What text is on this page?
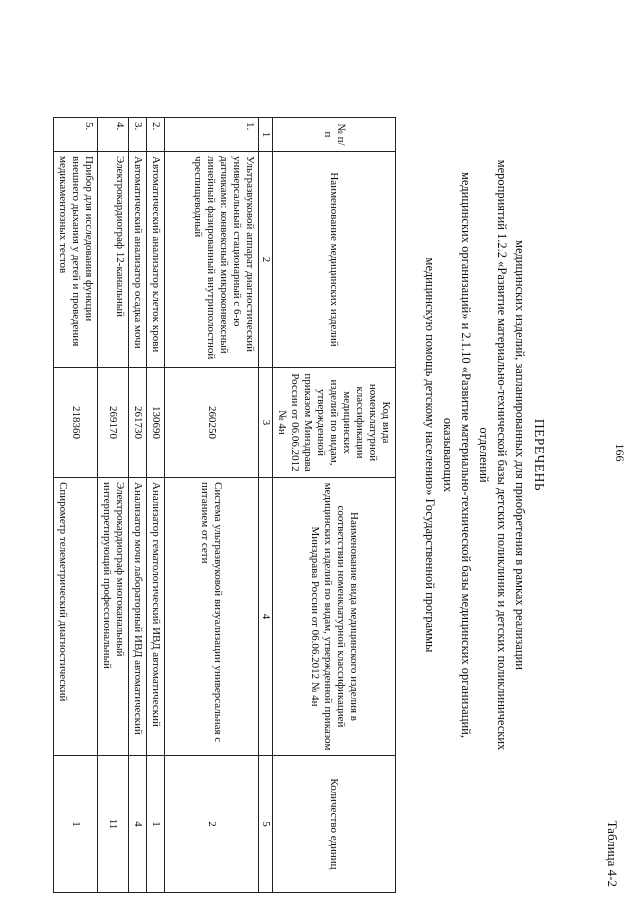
166
Таблица 4-2
ПЕРЕЧЕНЬ
медицинских изделий, запланированных для приобретения в рамках реализации
мероприятий 1.2.2 «Развитие материально-технической базы детских поликлиник и детских поликлинических отделений
медицинских организаций» и 2.1.10 «Развитие материально-технической базы медицинских организаций, оказывающих
медицинскую помощь детскому населению» Государственной программы
№ п/п	Наименование медицинских изделий	Код вида номенклатурной классификации медицинских изделий по видам, утвержденной приказом Минздрава России от 06.06.2012 № 4н	Наименование вида медицинского изделия в соответствии номенклатурной классификацией медицинских изделий по видам, утвержденной приказом Минздрава России от 06.06.2012 № 4н	Количество единиц
1	2	3	4	5
1.	Ультразвуковой аппарат диагностический универсальный стационарный с 6-ю датчиками: конвексный микроконвексный линейный фазированный внутриполостной чреспищеводный	260250	Система ультразвуковой визуализации универсальная с питанием от сети	2
2.	Автоматический анализатор клеток крови	130690	Анализатор гематологический ИВД автоматический	1
3.	Автоматический анализатор осадка мочи	261730	Анализатор мочи лабораторный ИВД автоматический	4
4.	Электрокардиограф 12-канальный	269170	Электрокардиограф многоканальный интерпретирующий профессиональный	11
5.	Прибор для исследования функции внешнего дыхания у детей и проведения медикаментозных тестов	218360	Спирометр телеметрический диагностический	1
